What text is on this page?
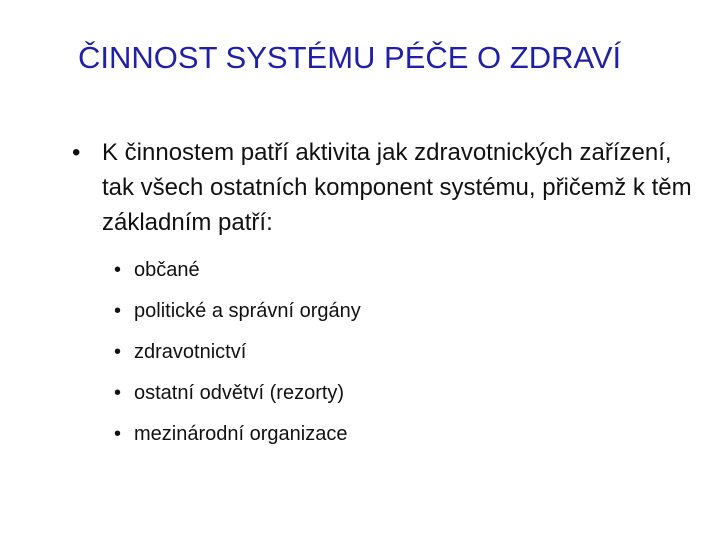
ČINNOST SYSTÉMU PÉČE O ZDRAVÍ
• K činnostem patří aktivita jak zdravotnických zařízení, tak všech ostatních komponent systému, přičemž k těm základním patří:
• občané
• politické a správní orgány
• zdravotnictví
• ostatní odvětví (rezorty)
• mezinárodní organizace
